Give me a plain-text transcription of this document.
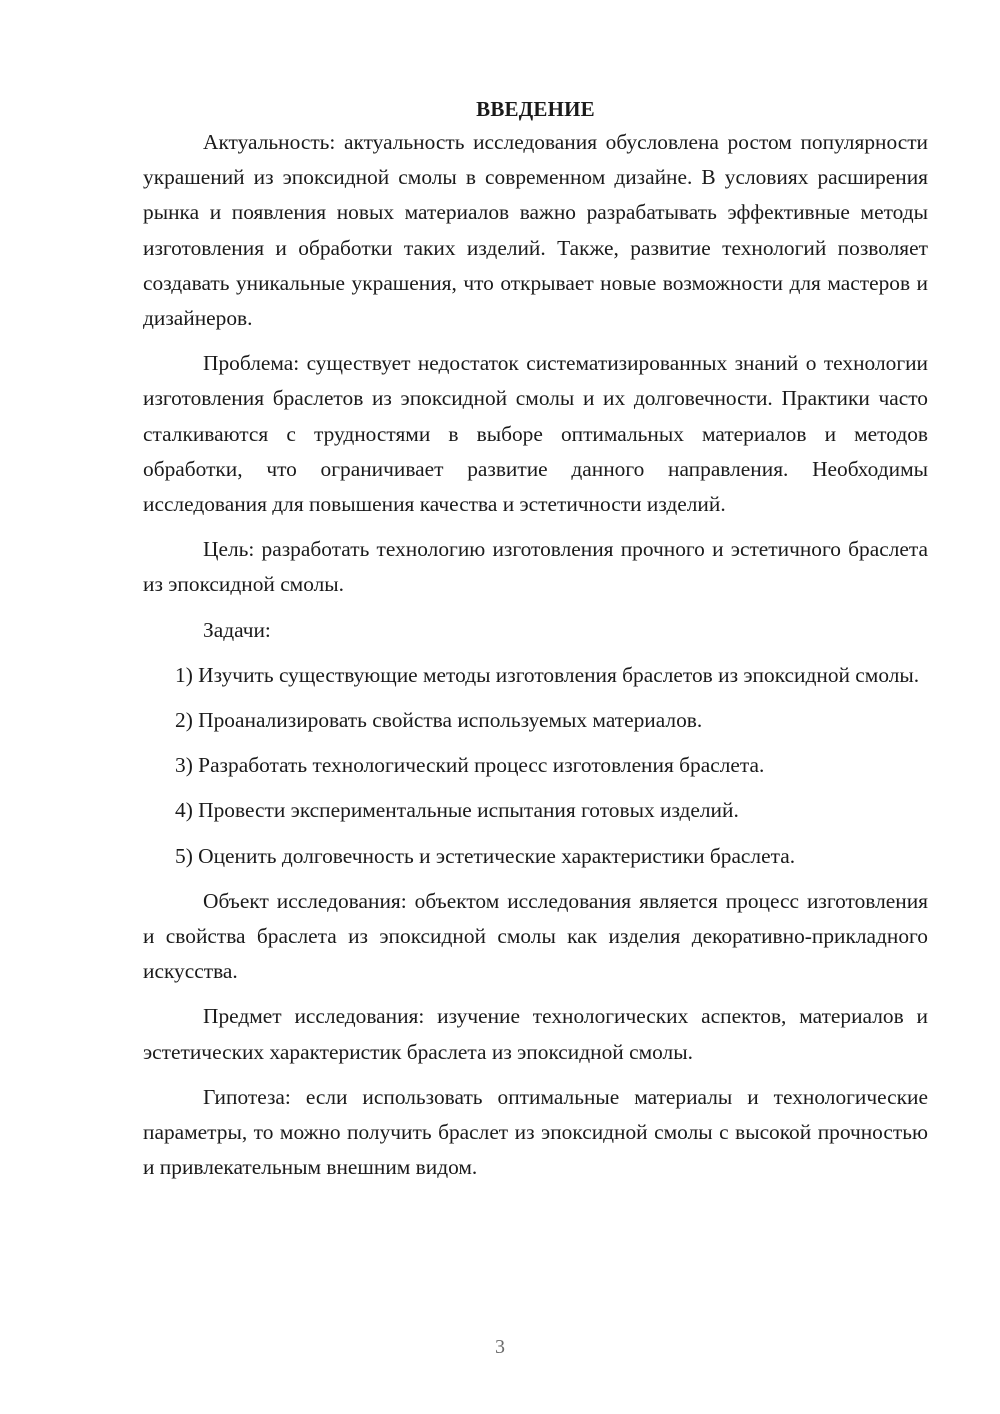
ВВЕДЕНИЕ

Актуальность: актуальность исследования обусловлена ростом популярности украшений из эпоксидной смолы в современном дизайне. В условиях расширения рынка и появления новых материалов важно разрабатывать эффективные методы изготовления и обработки таких изделий. Также, развитие технологий позволяет создавать уникальные украшения, что открывает новые возможности для мастеров и дизайнеров.

Проблема: существует недостаток систематизированных знаний о технологии изготовления браслетов из эпоксидной смолы и их долговечности. Практики часто сталкиваются с трудностями в выборе оптимальных материалов и методов обработки, что ограничивает развитие данного направления. Необходимы исследования для повышения качества и эстетичности изделий.

Цель: разработать технологию изготовления прочного и эстетичного браслета из эпоксидной смолы.

Задачи:

1) Изучить существующие методы изготовления браслетов из эпоксидной смолы.

2) Проанализировать свойства используемых материалов.

3) Разработать технологический процесс изготовления браслета.

4) Провести экспериментальные испытания готовых изделий.

5) Оценить долговечность и эстетические характеристики браслета.

Объект исследования: объектом исследования является процесс изготовления и свойства браслета из эпоксидной смолы как изделия декоративно-прикладного искусства.

Предмет исследования: изучение технологических аспектов, материалов и эстетических характеристик браслета из эпоксидной смолы.

Гипотеза: если использовать оптимальные материалы и технологические параметры, то можно получить браслет из эпоксидной смолы с высокой прочностью и привлекательным внешним видом.

3
